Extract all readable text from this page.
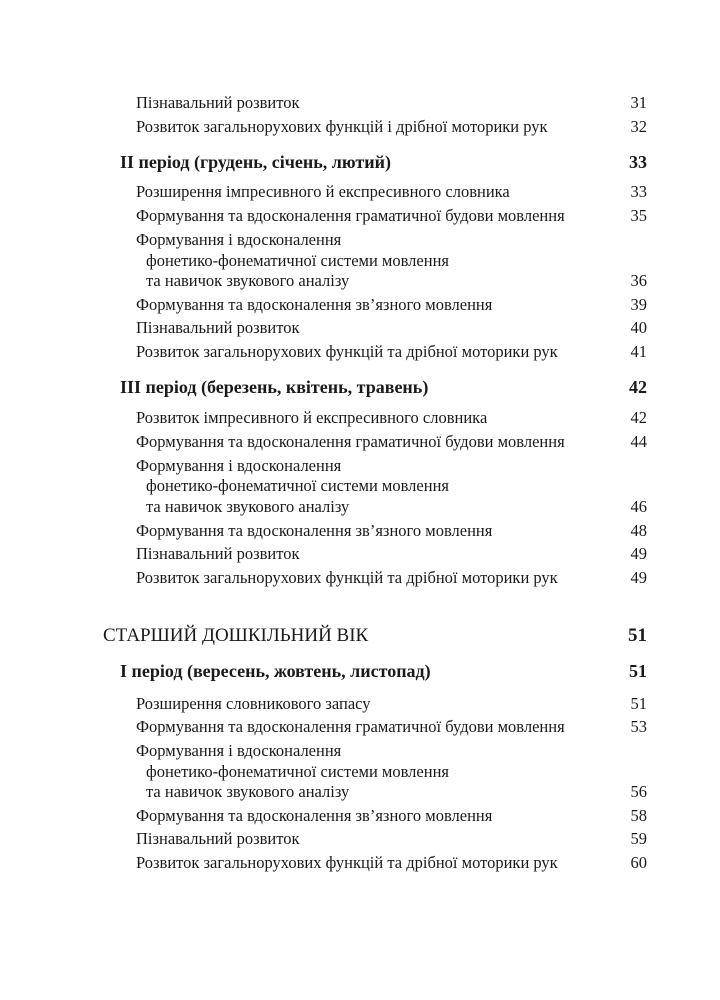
Пізнавальний розвиток	31
Розвиток загальнорухових функцій і дрібної моторики рук	32
ІІ період (грудень, січень, лютий)	33
Розширення імпресивного й експресивного словника	33
Формування та вдосконалення граматичної будови мовлення	35
Формування і вдосконалення
фонетико-фонематичної системи мовлення
та навичок звукового аналізу	36
Формування та вдосконалення зв’язного мовлення	39
Пізнавальний розвиток	40
Розвиток загальнорухових функцій та дрібної моторики рук	41
ІІІ період (березень, квітень, травень)	42
Розвиток імпресивного й експресивного словника	42
Формування та вдосконалення граматичної будови мовлення	44
Формування і вдосконалення
фонетико-фонематичної системи мовлення
та навичок звукового аналізу	46
Формування та вдосконалення зв’язного мовлення	48
Пізнавальний розвиток	49
Розвиток загальнорухових функцій та дрібної моторики рук	49
СТАРШИЙ ДОШКІЛЬНИЙ ВІК	51
І період (вересень, жовтень, листопад)	51
Розширення словникового запасу	51
Формування та вдосконалення граматичної будови мовлення	53
Формування і вдосконалення
фонетико-фонематичної системи мовлення
та навичок звукового аналізу	56
Формування та вдосконалення зв’язного мовлення	58
Пізнавальний розвиток	59
Розвиток загальнорухових функцій та дрібної моторики рук	60
